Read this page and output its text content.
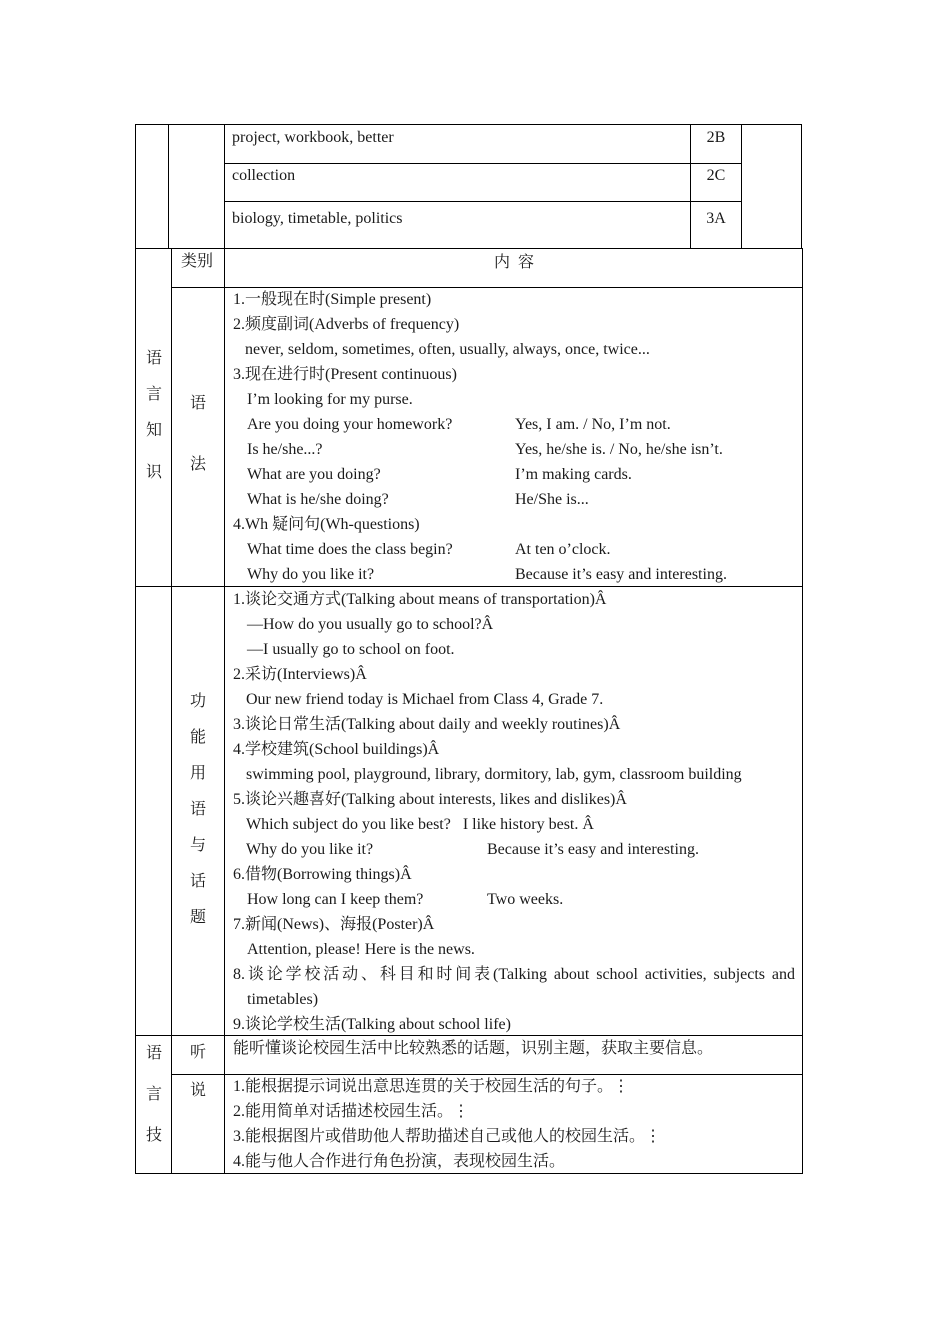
project, workbook, better	2B
collection	2C
biology, timetable, politics	3A
语
言
知
识
类别	内  容
语
法
1.一般现在时(Simple present)
2.频度副词(Adverbs of frequency)
never, seldom, sometimes, often, usually, always, once, twice...
3.现在进行时(Present continuous)
I’m looking for my purse.
Are you doing your homework?	Yes, I am. / No, I’m not.
Is he/she...?	Yes, he/she is. / No, he/she isn’t.
What are you doing?	I’m making cards.
What is he/she doing?	He/She is...
4.Wh 疑问句(Wh-questions)
What time does the class begin?	At ten o’clock.
Why do you like it?	Because it’s easy and interesting.
功
能
用
语
与
话
题
1.谈论交通方式(Talking about means of transportation)Â
—How do you usually go to school?Â
—I usually go to school on foot.
2.采访(Interviews)Â
Our new friend today is Michael from Class 4, Grade 7.
3.谈论日常生活(Talking about daily and weekly routines)Â
4.学校建筑(School buildings)Â
swimming pool, playground, library, dormitory, lab, gym, classroom building
5.谈论兴趣喜好(Talking about interests, likes and dislikes)Â
Which subject do you like best?   I like history best. Â
Why do you like it?	Because it’s easy and interesting.
6.借物(Borrowing things)Â
How long can I keep them?	Two weeks.
7.新闻(News)、海报(Poster)Â
Attention, please! Here is the news.
8.谈论学校活动、科目和时间表(Talking about school activities, subjects and
timetables)
9.谈论学校生活(Talking about school life)
语
言
技
听	能听懂谈论校园生活中比较熟悉的话题，识别主题，获取主要信息。
说	1.能根据提示词说出意思连贯的关于校园生活的句子。⋮
2.能用简单对话描述校园生活。⋮
3.能根据图片或借助他人帮助描述自己或他人的校园生活。⋮
4.能与他人合作进行角色扮演，表现校园生活。
